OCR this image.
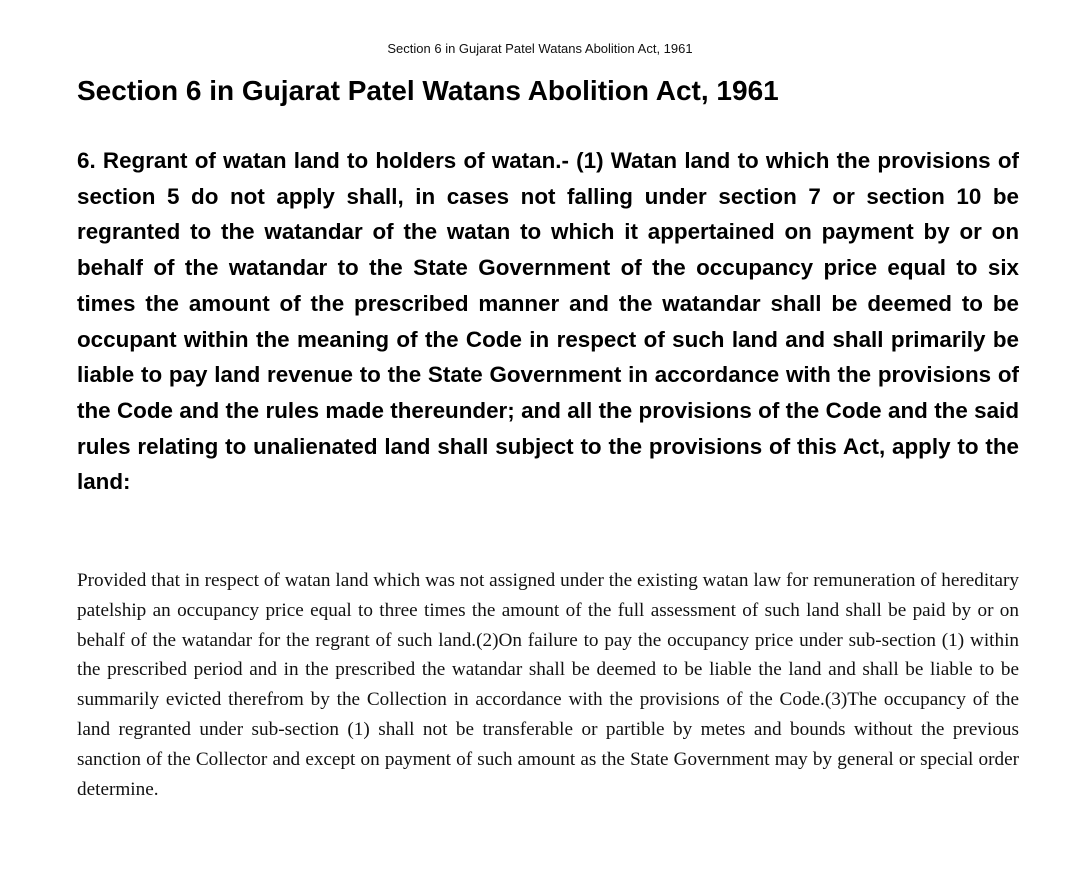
Section 6 in Gujarat Patel Watans Abolition Act, 1961
Section 6 in Gujarat Patel Watans Abolition Act, 1961

6. Regrant of watan land to holders of watan.- (1) Watan land to which the provisions of section 5 do not apply shall, in cases not falling under section 7 or section 10 be regranted to the watandar of the watan to which it appertained on payment by or on behalf of the watandar to the State Government of the occupancy price equal to six times the amount of the prescribed manner and the watandar shall be deemed to be occupant within the meaning of the Code in respect of such land and shall primarily be liable to pay land revenue to the State Government in accordance with the provisions of the Code and the rules made thereunder; and all the provisions of the Code and the said rules relating to unalienated land shall subject to the provisions of this Act, apply to the land:

Provided that in respect of watan land which was not assigned under the existing watan law for remuneration of hereditary patelship an occupancy price equal to three times the amount of the full assessment of such land shall be paid by or on behalf of the watandar for the regrant of such land.(2)On failure to pay the occupancy price under sub-section (1) within the prescribed period and in the prescribed the watandar shall be deemed to be liable the land and shall be liable to be summarily evicted therefrom by the Collection in accordance with the provisions of the Code.(3)The occupancy of the land regranted under sub-section (1) shall not be transferable or partible by metes and bounds without the previous sanction of the Collector and except on payment of such amount as the State Government may by general or special order determine.
